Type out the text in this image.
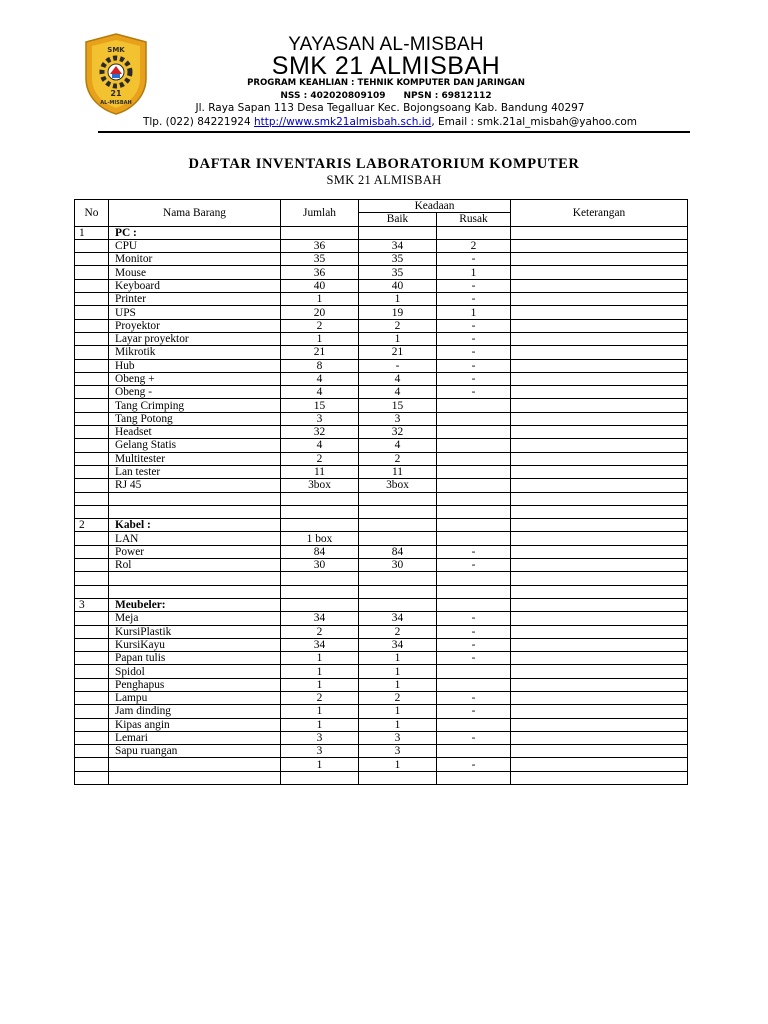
SMK
21
AL-MISBAH
YAYASAN AL-MISBAH
SMK 21 ALMISBAH
PROGRAM KEAHLIAN : TEHNIK KOMPUTER DAN JARINGAN
NSS : 402020809109 NPSN : 69812112
Jl. Raya Sapan 113 Desa Tegalluar Kec. Bojongsoang Kab. Bandung 40297
Tlp. (022) 84221924 http://www.smk21almisbah.sch.id, Email : smk.21al_misbah@yahoo.com
DAFTAR INVENTARIS LABORATORIUM KOMPUTER
SMK 21 ALMISBAH
No	Nama Barang	Jumlah	Keadaan		Keterangan
			Baik	Rusak	
1	PC :				
	CPU	36	34	2	
	Monitor	35	35	-	
	Mouse	36	35	1	
	Keyboard	40	40	-	
	Printer	1	1	-	
	UPS	20	19	1	
	Proyektor	2	2	-	
	Layar proyektor	1	1	-	
	Mikrotik	21	21	-	
	Hub	8	-	-	
	Obeng +	4	4	-	
	Obeng -	4	4	-	
	Tang Crimping	15	15		
	Tang Potong	3	3		
	Headset	32	32		
	Gelang Statis	4	4		
	Multitester	2	2		
	Lan tester	11	11		
	RJ 45	3box	3box		

2	Kabel :				
	LAN	1 box			
	Power	84	84	-	
	Rol	30	30	-	

3	Meubeler:				
	Meja	34	34	-	
	KursiPlastik	2	2	-	
	KursiKayu	34	34	-	
	Papan tulis	1	1	-	
	Spidol	1	1		
	Penghapus	1	1		
	Lampu	2	2	-	
	Jam dinding	1	1	-	
	Kipas angin	1	1		
	Lemari	3	3	-	
	Sapu ruangan	3	3		
		1	1	-	
